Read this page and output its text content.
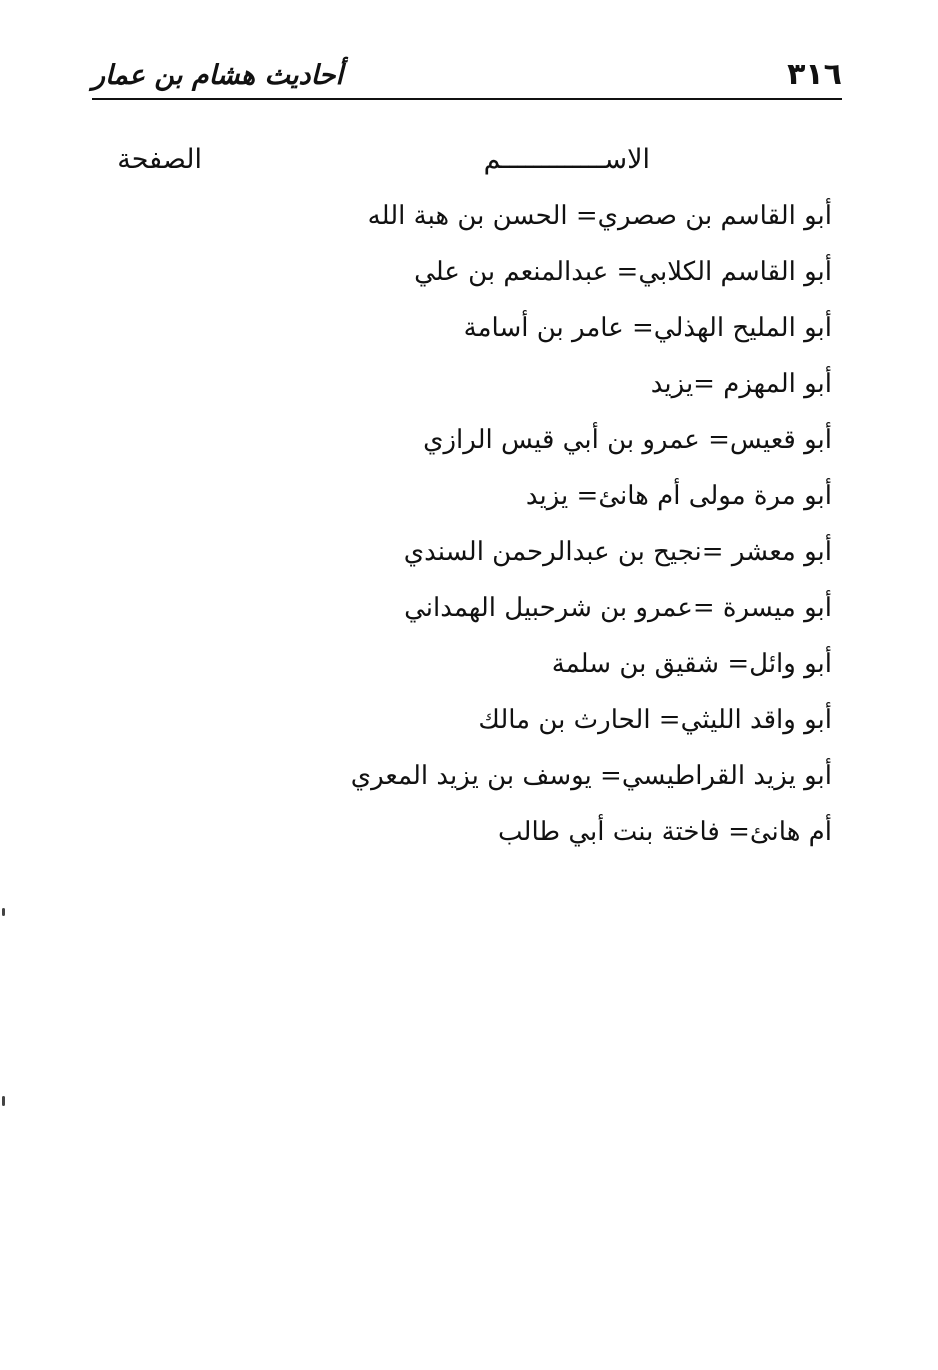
٣١٦
أحاديث هشام بن عمار
الاســـــــــــــم
الصفحة
أبو القاسم بن صصري= الحسن بن هبة الله
أبو القاسم الكلابي= عبدالمنعم بن علي
أبو المليح الهذلي= عامر بن أسامة
أبو المهزم =يزيد
أبو قعيس= عمرو بن أبي قيس الرازي
أبو مرة مولى أم هانئ= يزيد
أبو معشر =نجيح بن عبدالرحمن السندي
أبو ميسرة =عمرو بن شرحبيل الهمداني
أبو وائل= شقيق بن سلمة
أبو واقد الليثي= الحارث بن مالك
أبو يزيد القراطيسي= يوسف بن يزيد المعري
أم هانئ= فاختة بنت أبي طالب
